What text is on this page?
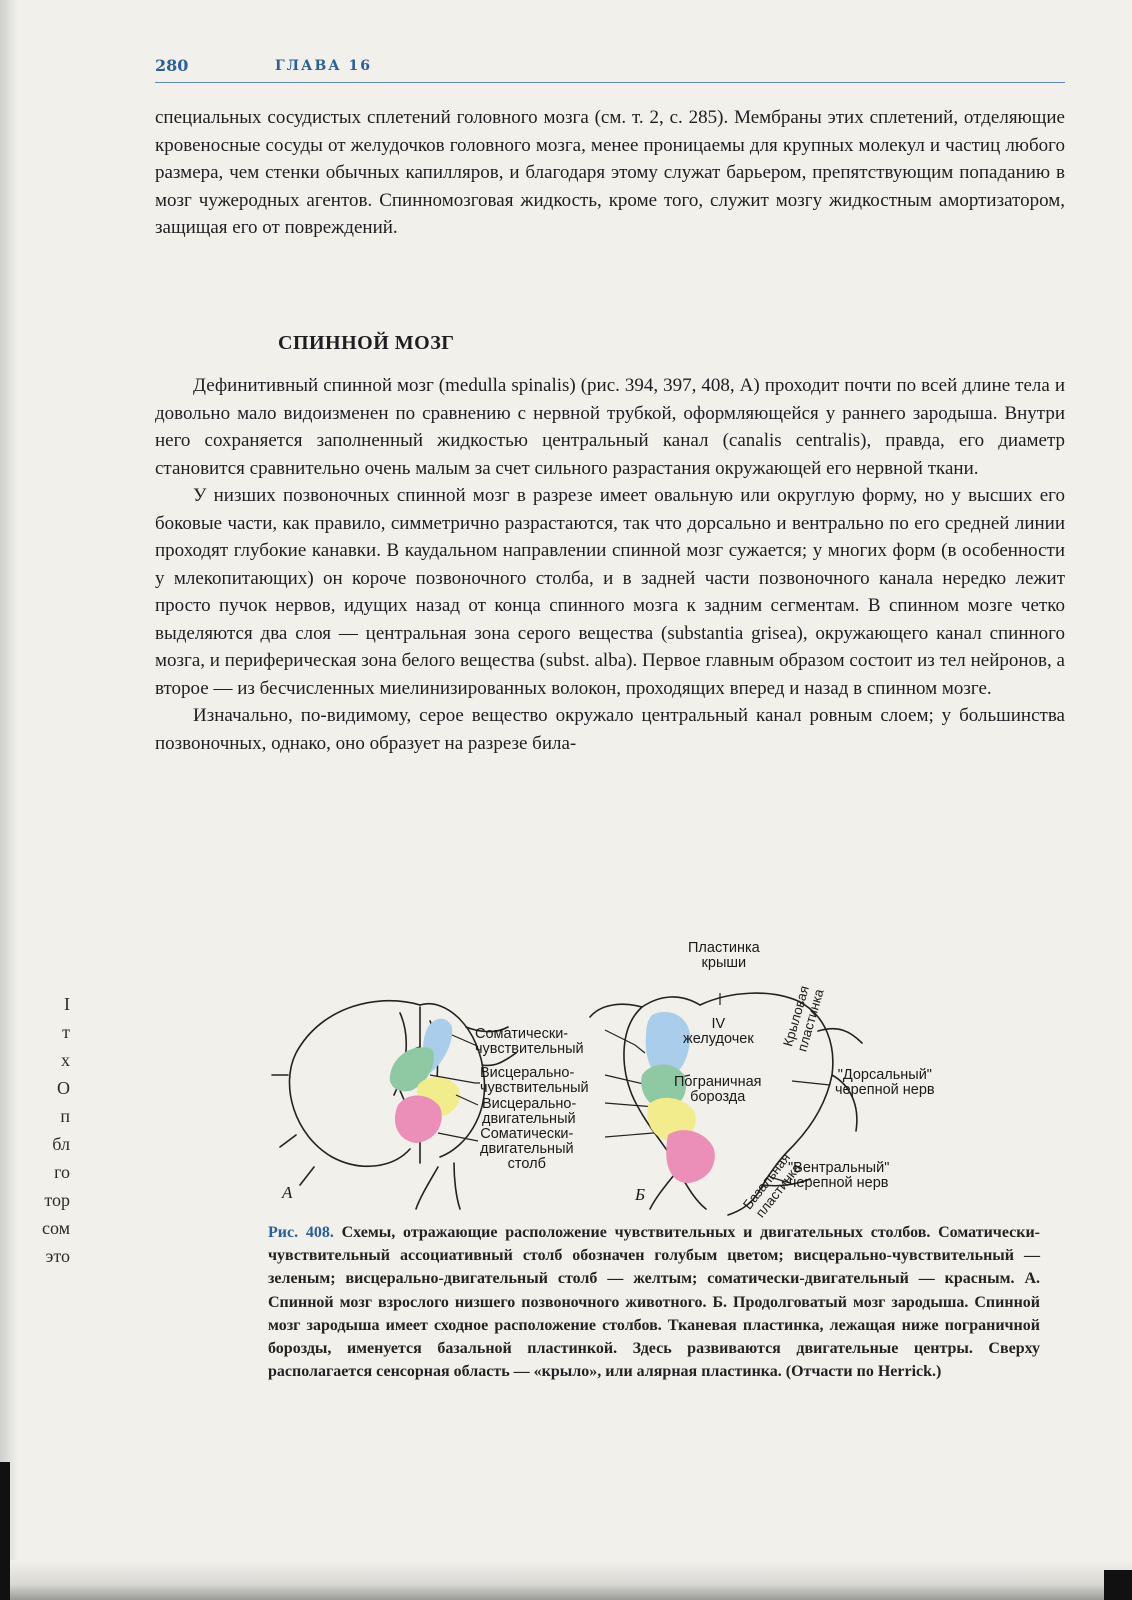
280	ГЛАВА 16

специальных сосудистых сплетений головного мозга (см. т. 2, с. 285). Мембраны этих сплетений, отделяющие кровеносные сосуды от желудочков головного мозга, менее проницаемы для крупных молекул и частиц любого размера, чем стенки обычных капилляров, и благодаря этому служат барьером, препятствующим попаданию в мозг чужеродных агентов. Спинномозговая жидкость, кроме того, служит мозгу жидкостным амортизатором, защищая его от повреждений.

СПИННОЙ МОЗГ

Дефинитивный спинной мозг (medulla spinalis) (рис. 394, 397, 408, А) проходит почти по всей длине тела и довольно мало видоизменен по сравнению с нервной трубкой, оформляющейся у раннего зародыша. Внутри него сохраняется заполненный жидкостью центральный канал (canalis centralis), правда, его диаметр становится сравнительно очень малым за счет сильного разрастания окружающей его нервной ткани.

У низших позвоночных спинной мозг в разрезе имеет овальную или округлую форму, но у высших его боковые части, как правило, симметрично разрастаются, так что дорсально и вентрально по его средней линии проходят глубокие канавки. В каудальном направлении спинной мозг сужается; у многих форм (в особенности у млекопитающих) он короче позвоночного столба, и в задней части позвоночного канала нередко лежит просто пучок нервов, идущих назад от конца спинного мозга к задним сегментам. В спинном мозге четко выделяются два слоя — центральная зона серого вещества (substantia grisea), окружающего канал спинного мозга, и периферическая зона белого вещества (subst. alba). Первое главным образом состоит из тел нейронов, а второе — из бесчисленных миелинизированных волокон, проходящих вперед и назад в спинном мозге.

Изначально, по-видимому, серое вещество окружало центральный канал ровным слоем; у большинства позвоночных, однако, оно образует на разрезе била-

I
т
х
О
п
бл
го
тор
сом
это
Соматически-
чувствительный
Висцерально-
чувствительный
Висцерально-
двигательный
Соматически-
двигательный
столб
Пластинка
крыши
IV
желудочек
Пограничная
борозда
Крыловая
пластинка
Базальная
пластинка
"Дорсальный"
черепной нерв
"Вентральный"
черепной нерв
А	Б
Рис. 408. Схемы, отражающие расположение чувствительных и двигательных столбов. Соматически-чувствительный ассоциативный столб обозначен голубым цветом; висцерально-чувствительный — зеленым; висцерально-двигательный столб — желтым; соматически-двигательный — красным. А. Спинной мозг взрослого низшего позвоночного животного. Б. Продолговатый мозг зародыша. Спинной мозг зародыша имеет сходное расположение столбов. Тканевая пластинка, лежащая ниже пограничной борозды, именуется базальной пластинкой. Здесь развиваются двигательные центры. Сверху располагается сенсорная область — «крыло», или алярная пластинка. (Отчасти по Herrick.)
